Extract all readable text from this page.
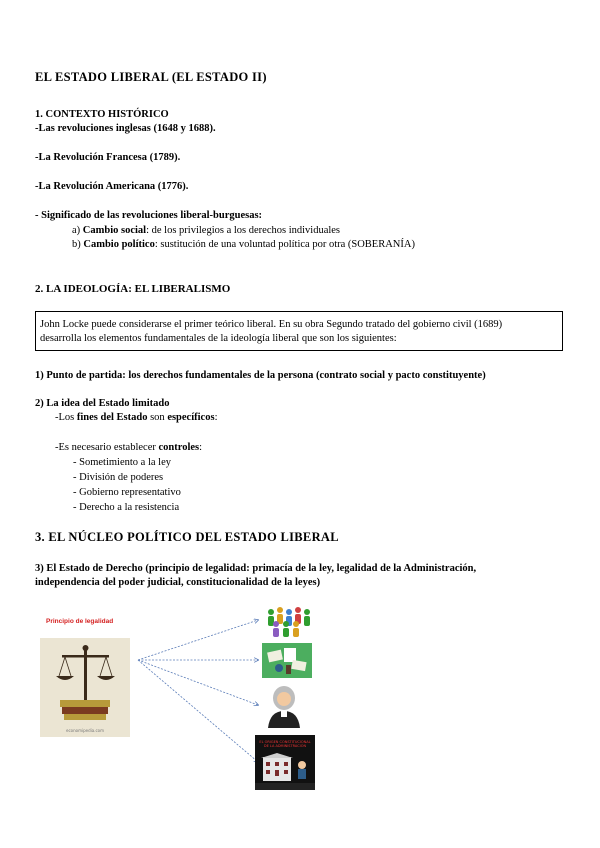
EL ESTADO LIBERAL (EL ESTADO II)
1. CONTEXTO HISTÓRICO
-Las revoluciones inglesas (1648 y 1688).
-La Revolución Francesa (1789).
-La Revolución Americana (1776).
- Significado de las revoluciones liberal-burguesas:
a) Cambio social: de los privilegios a los derechos individuales
b) Cambio político: sustitución de una voluntad política por otra (SOBERANÍA)
2. LA IDEOLOGÍA: EL LIBERALISMO
John Locke puede considerarse el primer teórico liberal. En su obra Segundo tratado del gobierno civil (1689)
desarrolla los elementos fundamentales de la ideología liberal que son los siguientes:
1) Punto de partida: los derechos fundamentales de la persona (contrato social y pacto constituyente)
2) La idea del Estado limitado
-Los fines del Estado son específicos:
-Es necesario establecer controles:
- Sometimiento a la ley
- División de poderes
- Gobierno representativo
- Derecho a la resistencia
3. EL NÚCLEO POLÍTICO DEL ESTADO LIBERAL
3) El Estado de Derecho (principio de legalidad: primacía de la ley, legalidad de la Administración,
independencia del poder judicial, constitucionalidad de la leyes)
Principio de legalidad
economipedia.com
EL ORIGEN CONSTITUCIONAL DE LA ADMINISTRACIÓN
